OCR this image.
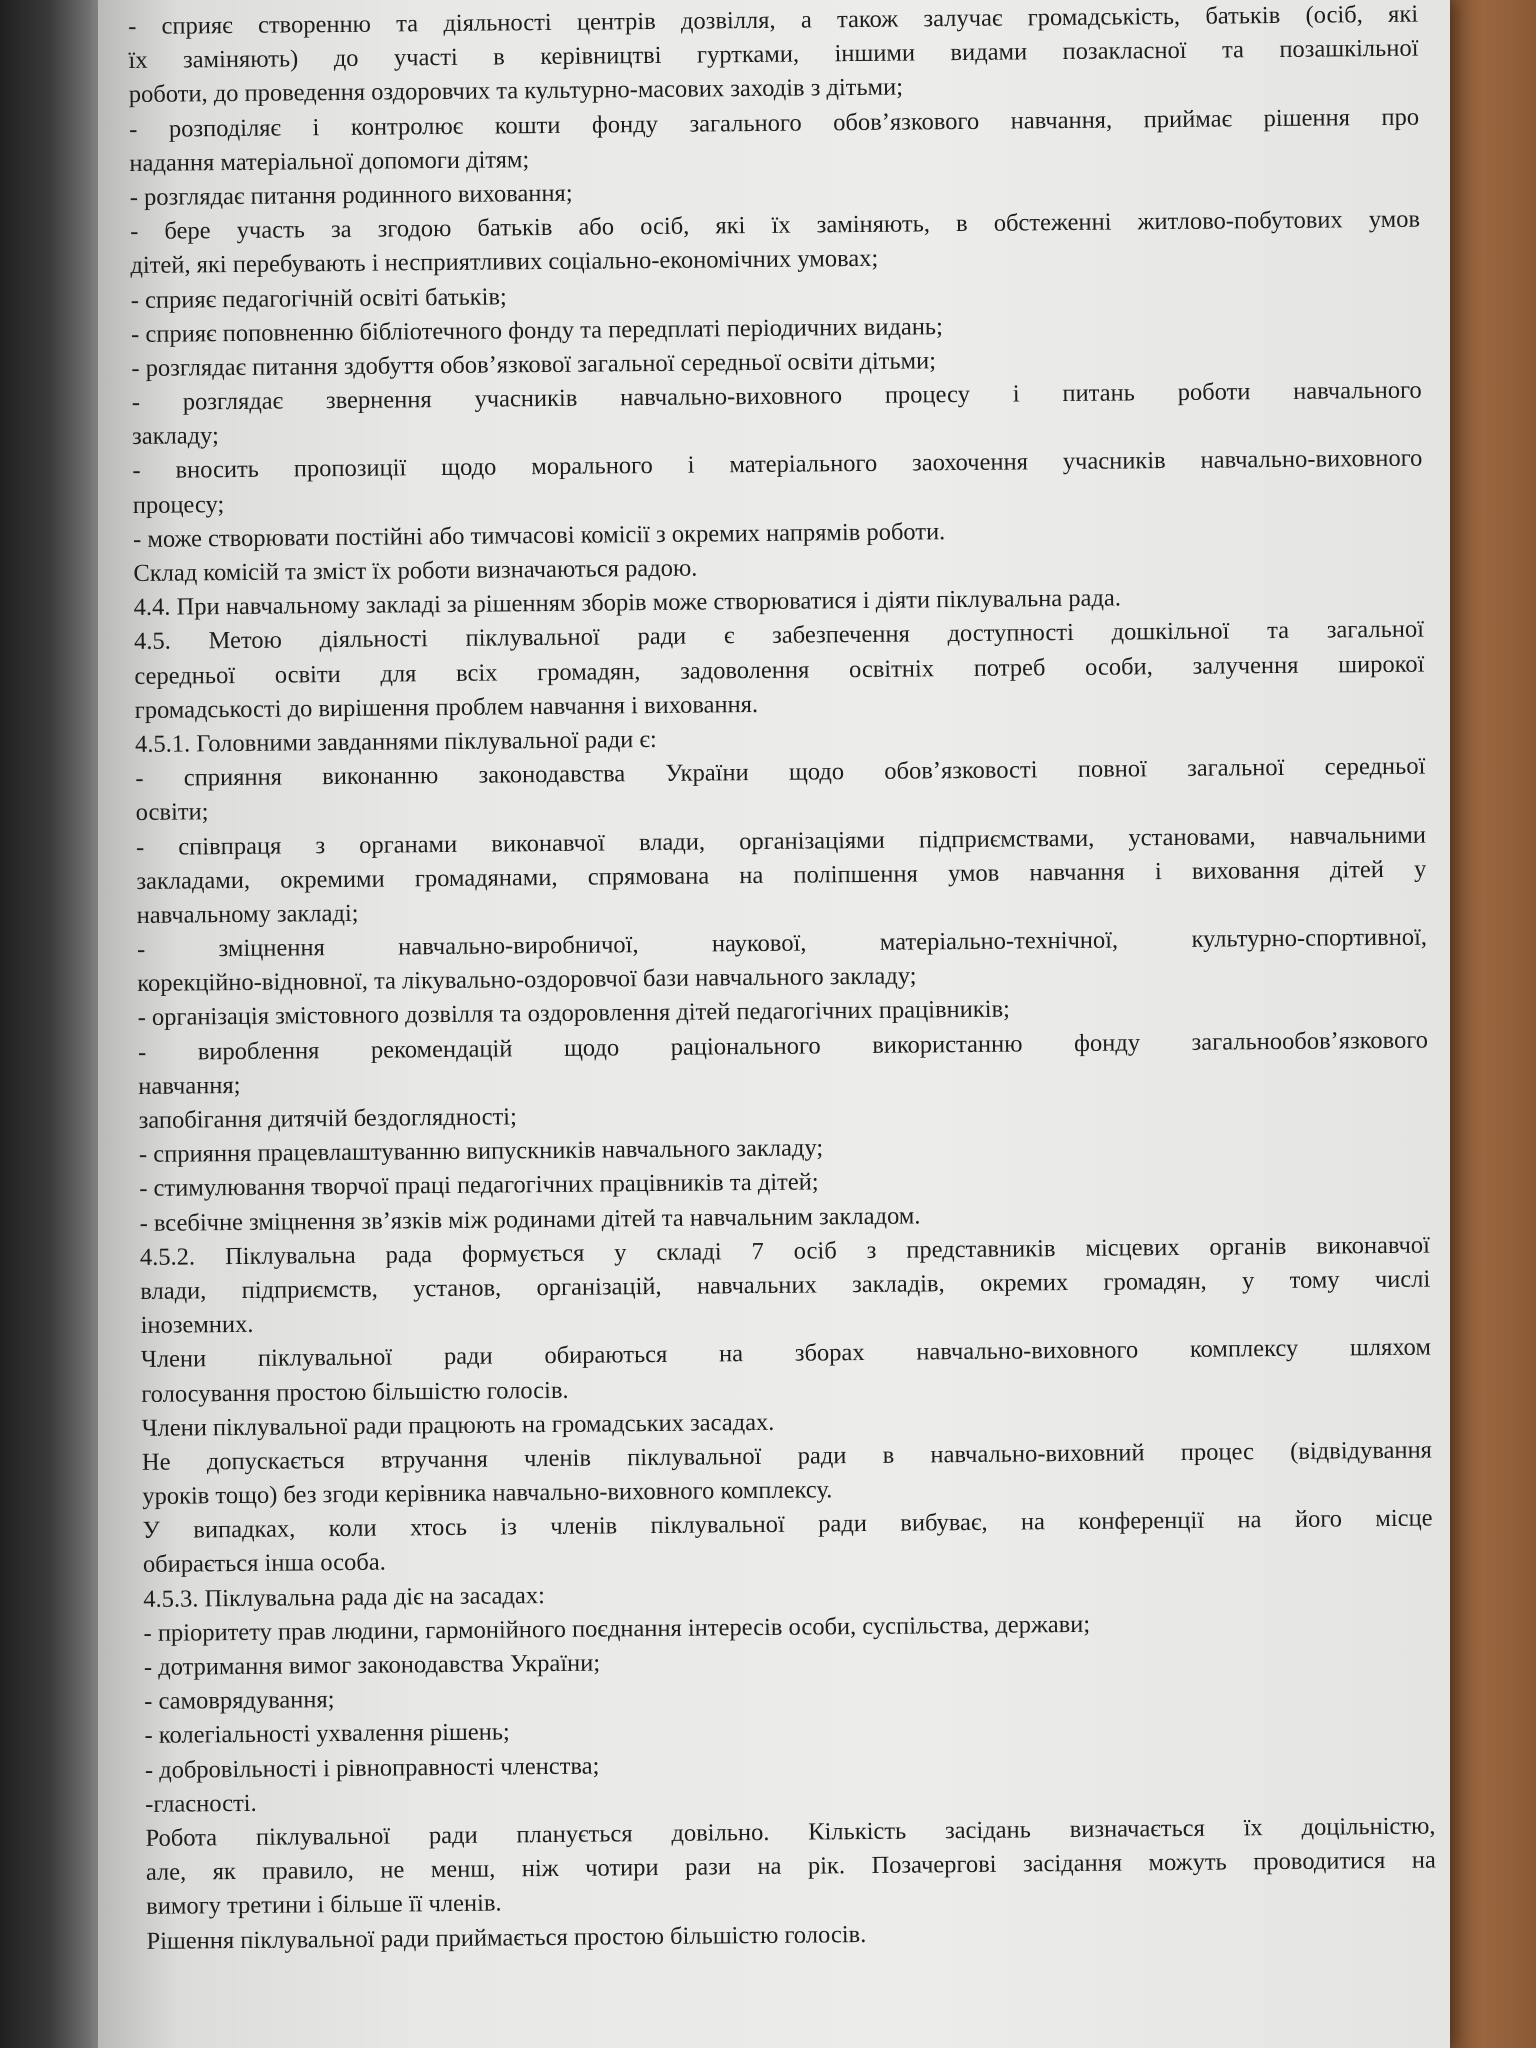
- сприяє створенню та діяльності центрів дозвілля, а також залучає громадськість, батьків (осіб, які
їх заміняють) до участі в керівництві гуртками, іншими видами позакласної та позашкільної
роботи, до проведення оздоровчих та культурно-масових заходів з дітьми;
- розподіляє і контролює кошти фонду загального обов’язкового навчання, приймає рішення про
надання матеріальної допомоги дітям;
- розглядає питання родинного виховання;
- бере участь за згодою батьків або осіб, які їх заміняють, в обстеженні житлово-побутових умов
дітей, які перебувають і несприятливих соціально-економічних умовах;
- сприяє педагогічній освіті батьків;
- сприяє поповненню бібліотечного фонду та передплаті періодичних видань;
- розглядає питання здобуття обов’язкової загальної середньої освіти дітьми;
- розглядає звернення учасників навчально-виховного процесу і питань роботи навчального
закладу;
- вносить пропозиції щодо морального і матеріального заохочення учасників навчально-виховного
процесу;
- може створювати постійні або тимчасові комісії з окремих напрямів роботи.
Склад комісій та зміст їх роботи визначаються радою.
4.4. При навчальному закладі за рішенням зборів може створюватися і діяти піклувальна рада.
4.5. Метою діяльності піклувальної ради є забезпечення доступності дошкільної та загальної
середньої освіти для всіх громадян, задоволення освітніх потреб особи, залучення широкої
громадськості до вирішення проблем навчання і виховання.
4.5.1. Головними завданнями піклувальної ради є:
- сприяння виконанню законодавства України щодо обов’язковості повної загальної середньої
освіти;
- співпраця з органами виконавчої влади, організаціями підприємствами, установами, навчальними
закладами, окремими громадянами, спрямована на поліпшення умов навчання і виховання дітей у
навчальному закладі;
- зміцнення навчально-виробничої, наукової, матеріально-технічної, культурно-спортивної,
корекційно-відновної, та лікувально-оздоровчої бази навчального закладу;
- організація змістовного дозвілля та оздоровлення дітей педагогічних працівників;
- вироблення рекомендацій щодо раціонального використанню фонду загальнообов’язкового
навчання;
запобігання дитячій бездоглядності;
- сприяння працевлаштуванню випускників навчального закладу;
- стимулювання творчої праці педагогічних працівників та дітей;
- всебічне зміцнення зв’язків між родинами дітей та навчальним закладом.
4.5.2. Піклувальна рада формується у складі 7 осіб з представників місцевих органів виконавчої
влади, підприємств, установ, організацій, навчальних закладів, окремих громадян, у тому числі
іноземних.
Члени піклувальної ради обираються на зборах навчально-виховного комплексу шляхом
голосування простою більшістю голосів.
Члени піклувальної ради працюють на громадських засадах.
Не допускається втручання членів піклувальної ради в навчально-виховний процес (відвідування
уроків тощо) без згоди керівника навчально-виховного комплексу.
У випадках, коли хтось із членів піклувальної ради вибуває, на конференції на його місце
обирається інша особа.
4.5.3. Піклувальна рада діє на засадах:
- пріоритету прав людини, гармонійного поєднання інтересів особи, суспільства, держави;
- дотримання вимог законодавства України;
- самоврядування;
- колегіальності ухвалення рішень;
- добровільності і рівноправності членства;
-гласності.
Робота піклувальної ради планується довільно. Кількість засідань визначається їх доцільністю,
але, як правило, не менш, ніж чотири рази на рік. Позачергові засідання можуть проводитися на
вимогу третини і більше її членів.
Рішення піклувальної ради приймається простою більшістю голосів.
